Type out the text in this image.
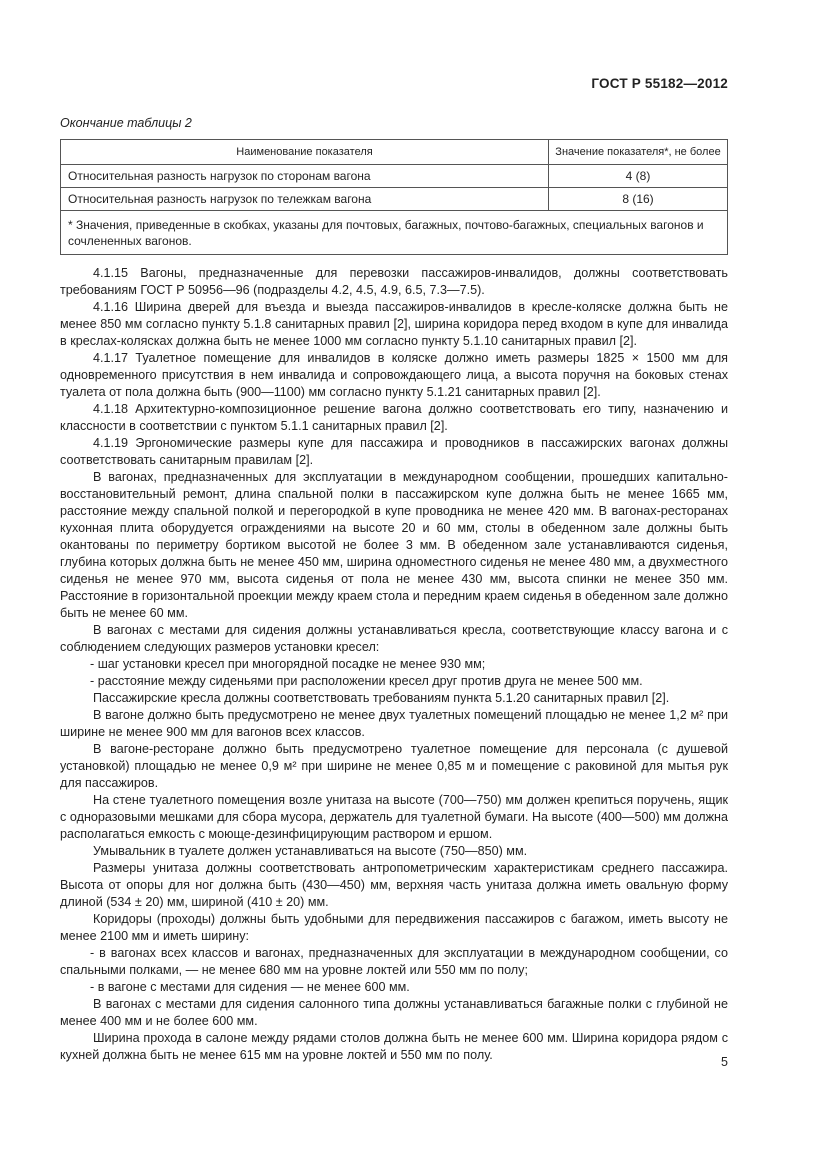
ГОСТ Р 55182—2012
Окончание таблицы 2
Наименование показателя	Значение показателя*, не более
Относительная разность нагрузок по сторонам вагона	4 (8)
Относительная разность нагрузок по тележкам вагона	8 (16)
* Значения, приведенные в скобках, указаны для почтовых, багажных, почтово-багажных, специальных вагонов и сочлененных вагонов.	

4.1.15 Вагоны, предназначенные для перевозки пассажиров-инвалидов, должны соответствовать требованиям ГОСТ Р 50956—96 (подразделы 4.2, 4.5, 4.9, 6.5, 7.3—7.5).

4.1.16 Ширина дверей для въезда и выезда пассажиров-инвалидов в кресле-коляске должна быть не менее 850 мм согласно пункту 5.1.8 санитарных правил [2], ширина коридора перед входом в купе для инвалида в креслах-колясках должна быть не менее 1000 мм согласно пункту 5.1.10 санитарных правил [2].

4.1.17 Туалетное помещение для инвалидов в коляске должно иметь размеры 1825 × 1500 мм для одновременного присутствия в нем инвалида и сопровождающего лица, а высота поручня на боковых стенах туалета от пола должна быть (900—1100) мм согласно пункту 5.1.21 санитарных правил [2].

4.1.18 Архитектурно-композиционное решение вагона должно соответствовать его типу, назначению и классности в соответствии с пунктом 5.1.1 санитарных правил [2].

4.1.19 Эргономические размеры купе для пассажира и проводников в пассажирских вагонах должны соответствовать санитарным правилам [2].

В вагонах, предназначенных для эксплуатации в международном сообщении, прошедших капитально-восстановительный ремонт, длина спальной полки в пассажирском купе должна быть не менее 1665 мм, расстояние между спальной полкой и перегородкой в купе проводника не менее 420 мм. В вагонах-ресторанах кухонная плита оборудуется ограждениями на высоте 20 и 60 мм, столы в обеденном зале должны быть окантованы по периметру бортиком высотой не более 3 мм. В обеденном зале устанавливаются сиденья, глубина которых должна быть не менее 450 мм, ширина одноместного сиденья не менее 480 мм, а двухместного сиденья не менее 970 мм, высота сиденья от пола не менее 430 мм, высота спинки не менее 350 мм. Расстояние в горизонтальной проекции между краем стола и передним краем сиденья в обеденном зале должно быть не менее 60 мм.

В вагонах с местами для сидения должны устанавливаться кресла, соответствующие классу вагона и с соблюдением следующих размеров установки кресел:

- шаг установки кресел при многорядной посадке не менее 930 мм;

- расстояние между сиденьями при расположении кресел друг против друга не менее 500 мм.

Пассажирские кресла должны соответствовать требованиям пункта 5.1.20 санитарных правил [2].

В вагоне должно быть предусмотрено не менее двух туалетных помещений площадью не менее 1,2 м² при ширине не менее 900 мм для вагонов всех классов.

В вагоне-ресторане должно быть предусмотрено туалетное помещение для персонала (с душевой установкой) площадью не менее 0,9 м² при ширине не менее 0,85 м и помещение с раковиной для мытья рук для пассажиров.

На стене туалетного помещения возле унитаза на высоте (700—750) мм должен крепиться поручень, ящик с одноразовыми мешками для сбора мусора, держатель для туалетной бумаги. На высоте (400—500) мм должна располагаться емкость с моюще-дезинфицирующим раствором и ершом.

Умывальник в туалете должен устанавливаться на высоте (750—850) мм.

Размеры унитаза должны соответствовать антропометрическим характеристикам среднего пассажира. Высота от опоры для ног должна быть (430—450) мм, верхняя часть унитаза должна иметь овальную форму длиной (534 ± 20) мм, шириной (410 ± 20) мм.

Коридоры (проходы) должны быть удобными для передвижения пассажиров с багажом, иметь высоту не менее 2100 мм и иметь ширину:

- в вагонах всех классов и вагонах, предназначенных для эксплуатации в международном сообщении, со спальными полками, — не менее 680 мм на уровне локтей или 550 мм по полу;

- в вагоне с местами для сидения — не менее 600 мм.

В вагонах с местами для сидения салонного типа должны устанавливаться багажные полки с глубиной не менее 400 мм и не более 600 мм.

Ширина прохода в салоне между рядами столов должна быть не менее 600 мм. Ширина коридора рядом с кухней должна быть не менее 615 мм на уровне локтей и 550 мм по полу.	5
